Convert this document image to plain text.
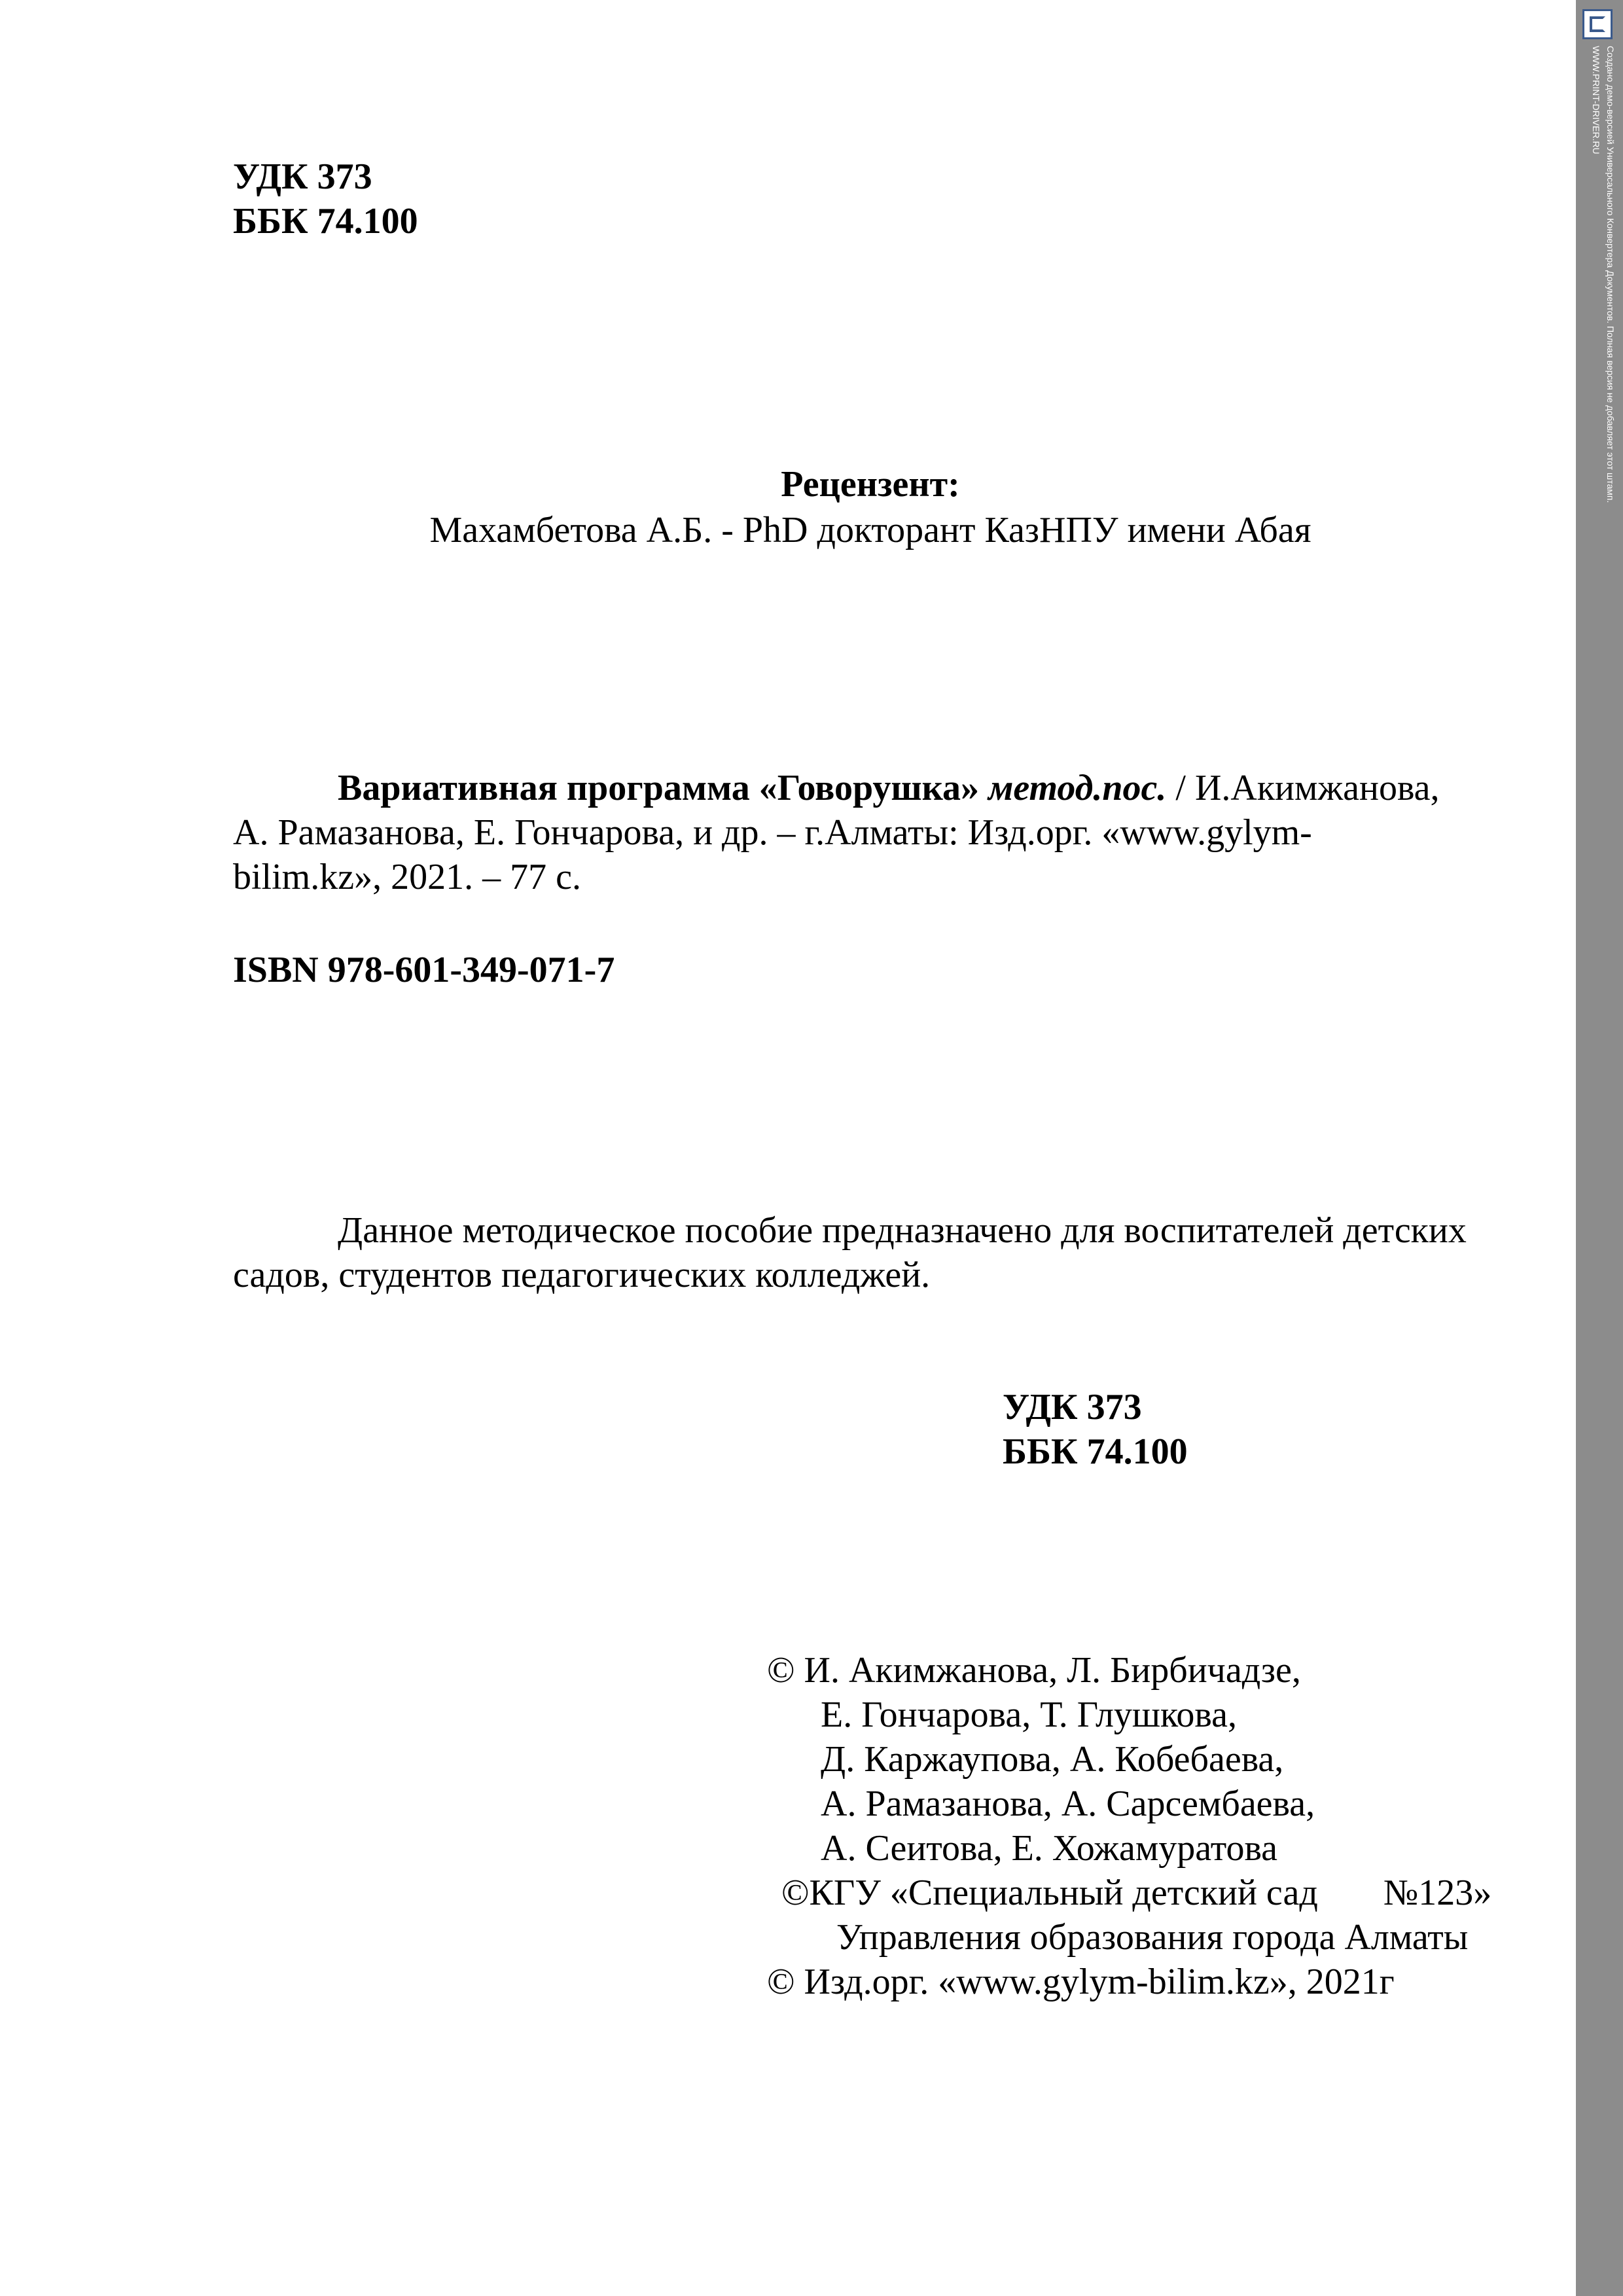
УДК 373
ББК 74.100
Рецензент:
Махамбетова А.Б. - PhD докторант КазНПУ имени Абая
Вариативная программа «Говорушка» метод.пос. / И.Акимжанова,
А. Рамазанова, Е. Гончарова, и др. – г.Алматы: Изд.орг. «www.gylym-
bilim.kz», 2021. – 77 с.
ISBN 978-601-349-071-7
Данное методическое пособие предназначено для воспитателей детских
садов, студентов педагогических колледжей.
УДК 373
ББК 74.100
© И. Акимжанова, Л. Бирбичадзе,
Е. Гончарова, Т. Глушкова,
Д. Каржаупова, А. Кобебаева,
А. Рамазанова, А. Сарсембаева,
А. Сеитова, Е. Хожамуратова
©КГУ «Специальный детский сад №123»
Управления образования города Алматы
© Изд.орг. «www.gylym-bilim.kz», 2021г
Создано демо-версией Универсального Конвертера Документов. Полная версия не добавляет этот штамп.
WWW.PRINT-DRIVER.RU
